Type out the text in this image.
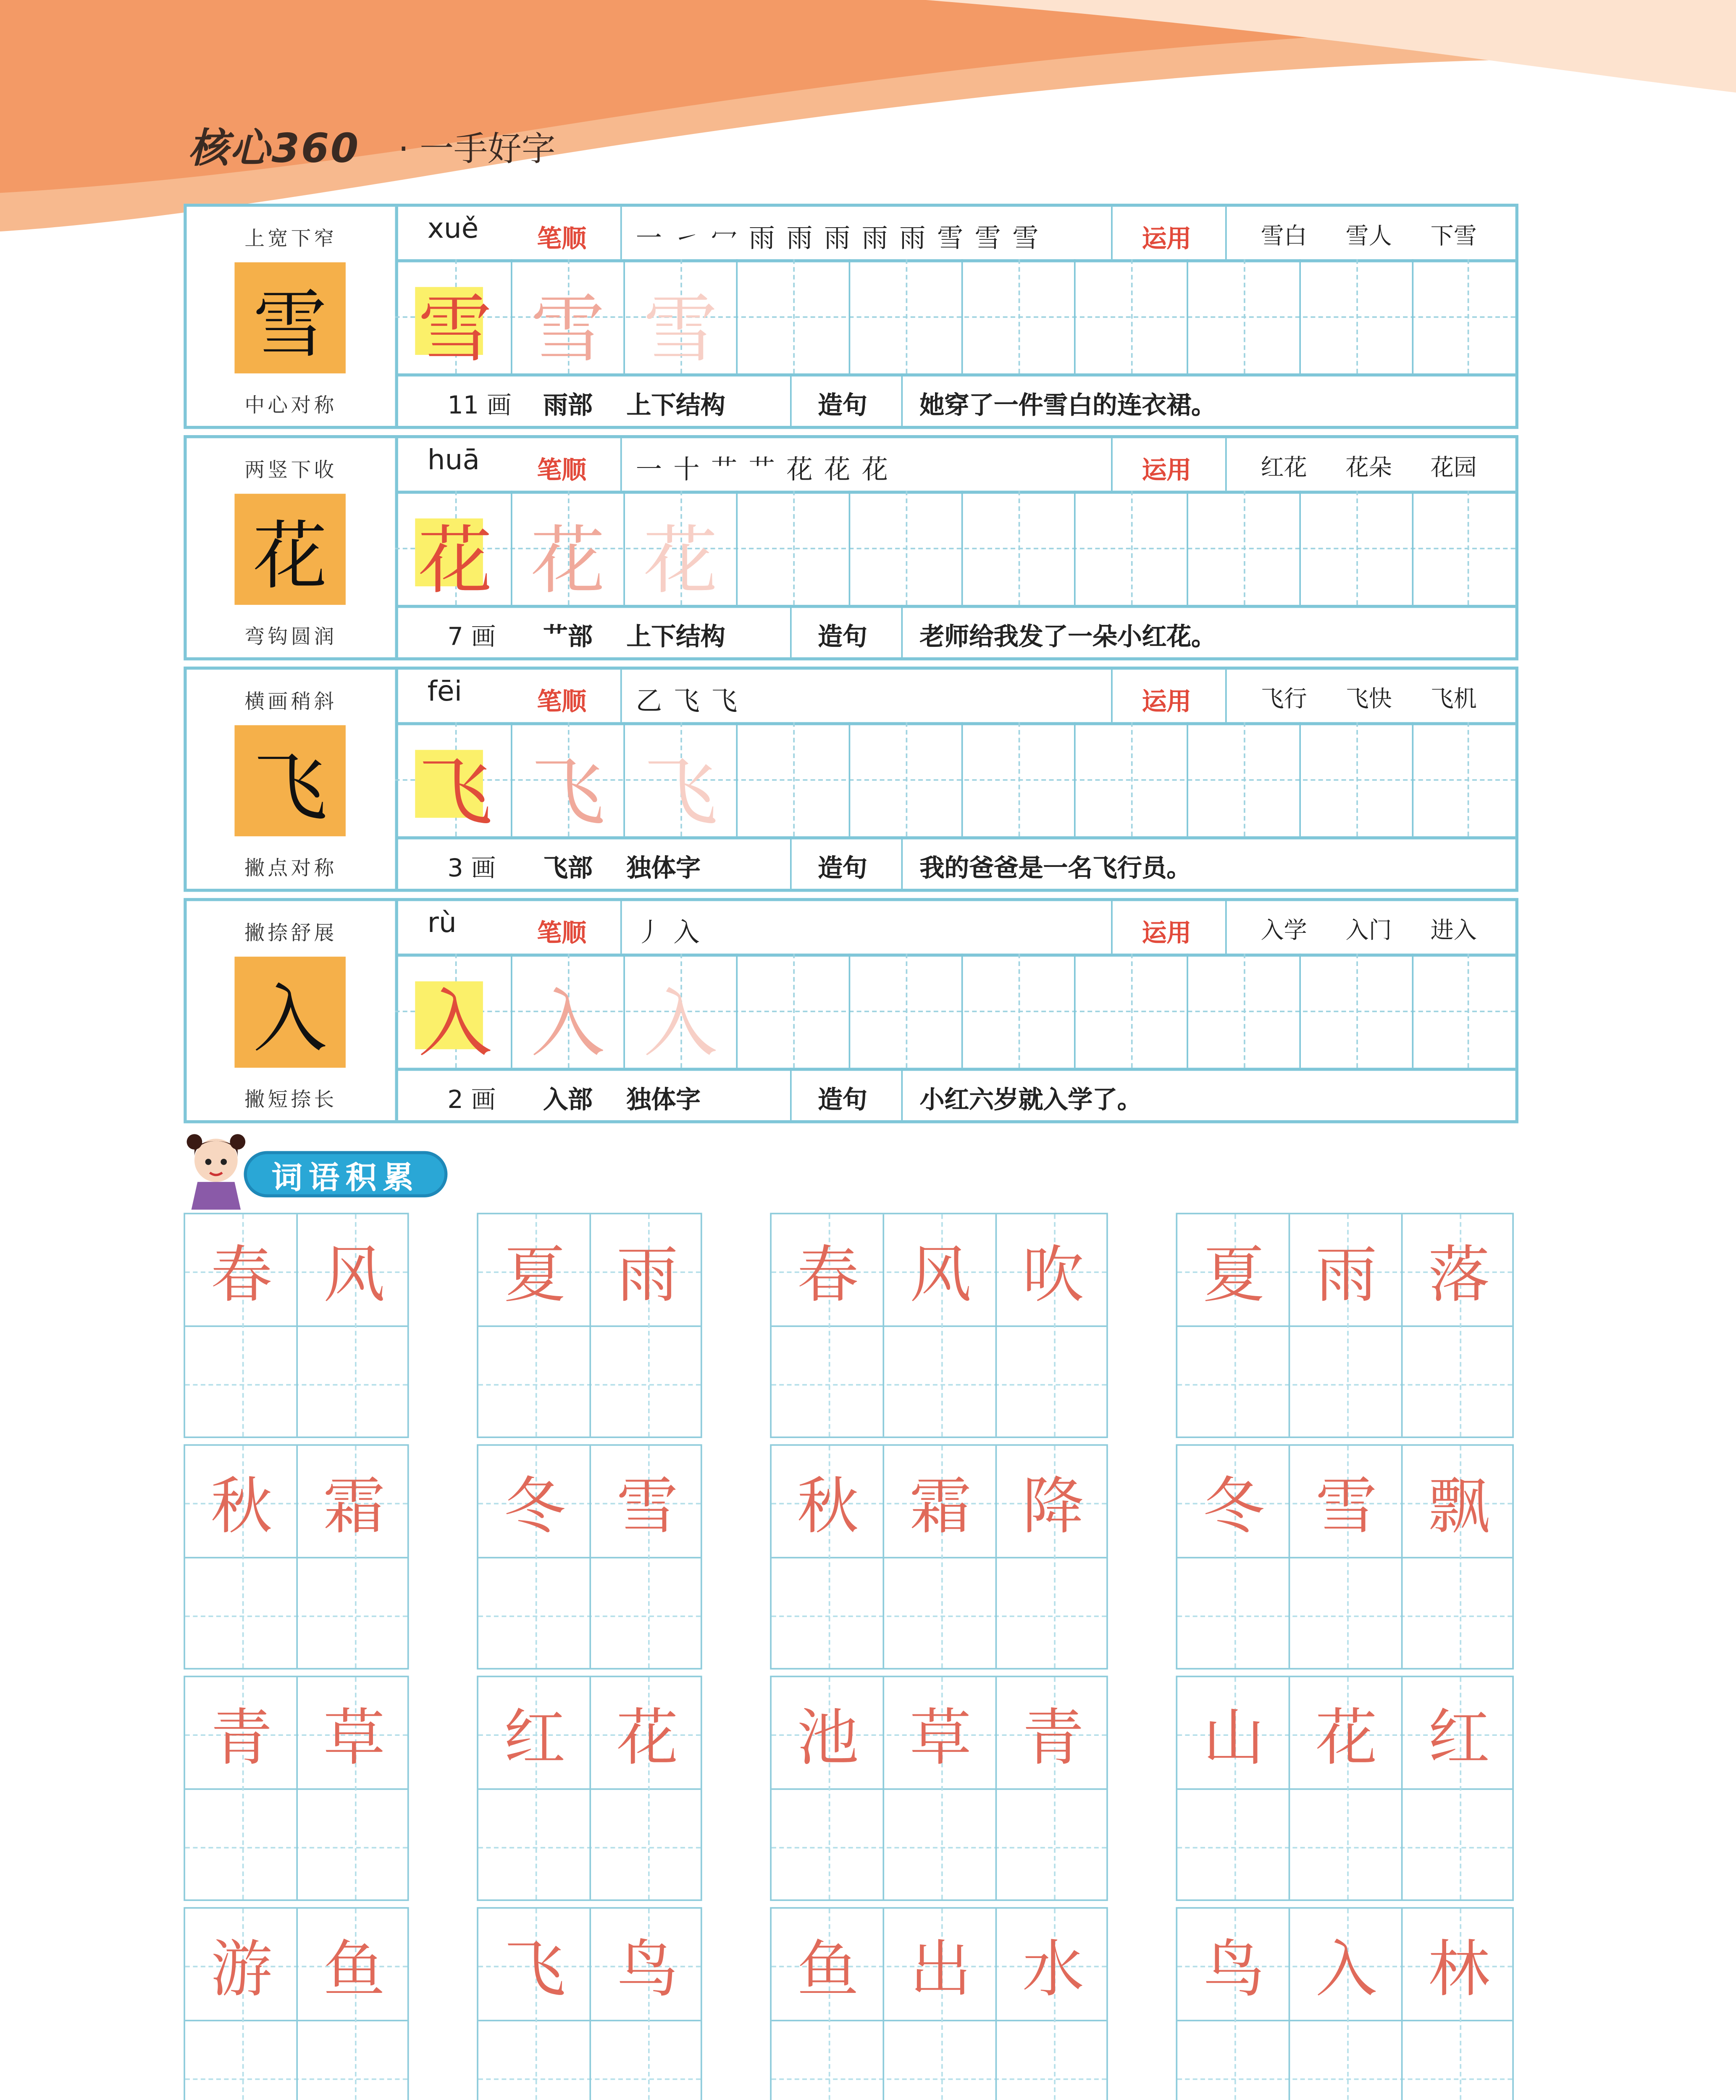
核心360	· 一手好字
上宽下窄
雪
中心对称
xuě	笔顺	一 ㇀ 冖 雨 雨 雨 雨 雨 雪 雪 雪	运用	雪白	雪人	下雪
雪	雪	雪
11 画	雨部	上下结构	造句	她穿了一件雪白的连衣裙。
两竖下收
花
弯钩圆润
huā	笔顺	一 十 艹 艹 花 花 花	运用	红花	花朵	花园
花	花	花
7 画	艹部	上下结构	造句	老师给我发了一朵小红花。
横画稍斜
飞
撇点对称
fēi	笔顺	乙 飞 飞	运用	飞行	飞快	飞机
飞	飞	飞
3 画	飞部	独体字	造句	我的爸爸是一名飞行员。
撇捺舒展
入
撇短捺长
rù	笔顺	丿 入	运用	入学	入门	进入
入	入	入
2 画	入部	独体字	造句	小红六岁就入学了。
词语积累
春	风	夏	雨	春	风	吹	夏	雨	落
秋	霜	冬	雪	秋	霜	降	冬	雪	飘
青	草	红	花	池	草	青	山	花	红
游	鱼	飞	鸟	鱼	出	水	鸟	入	林
